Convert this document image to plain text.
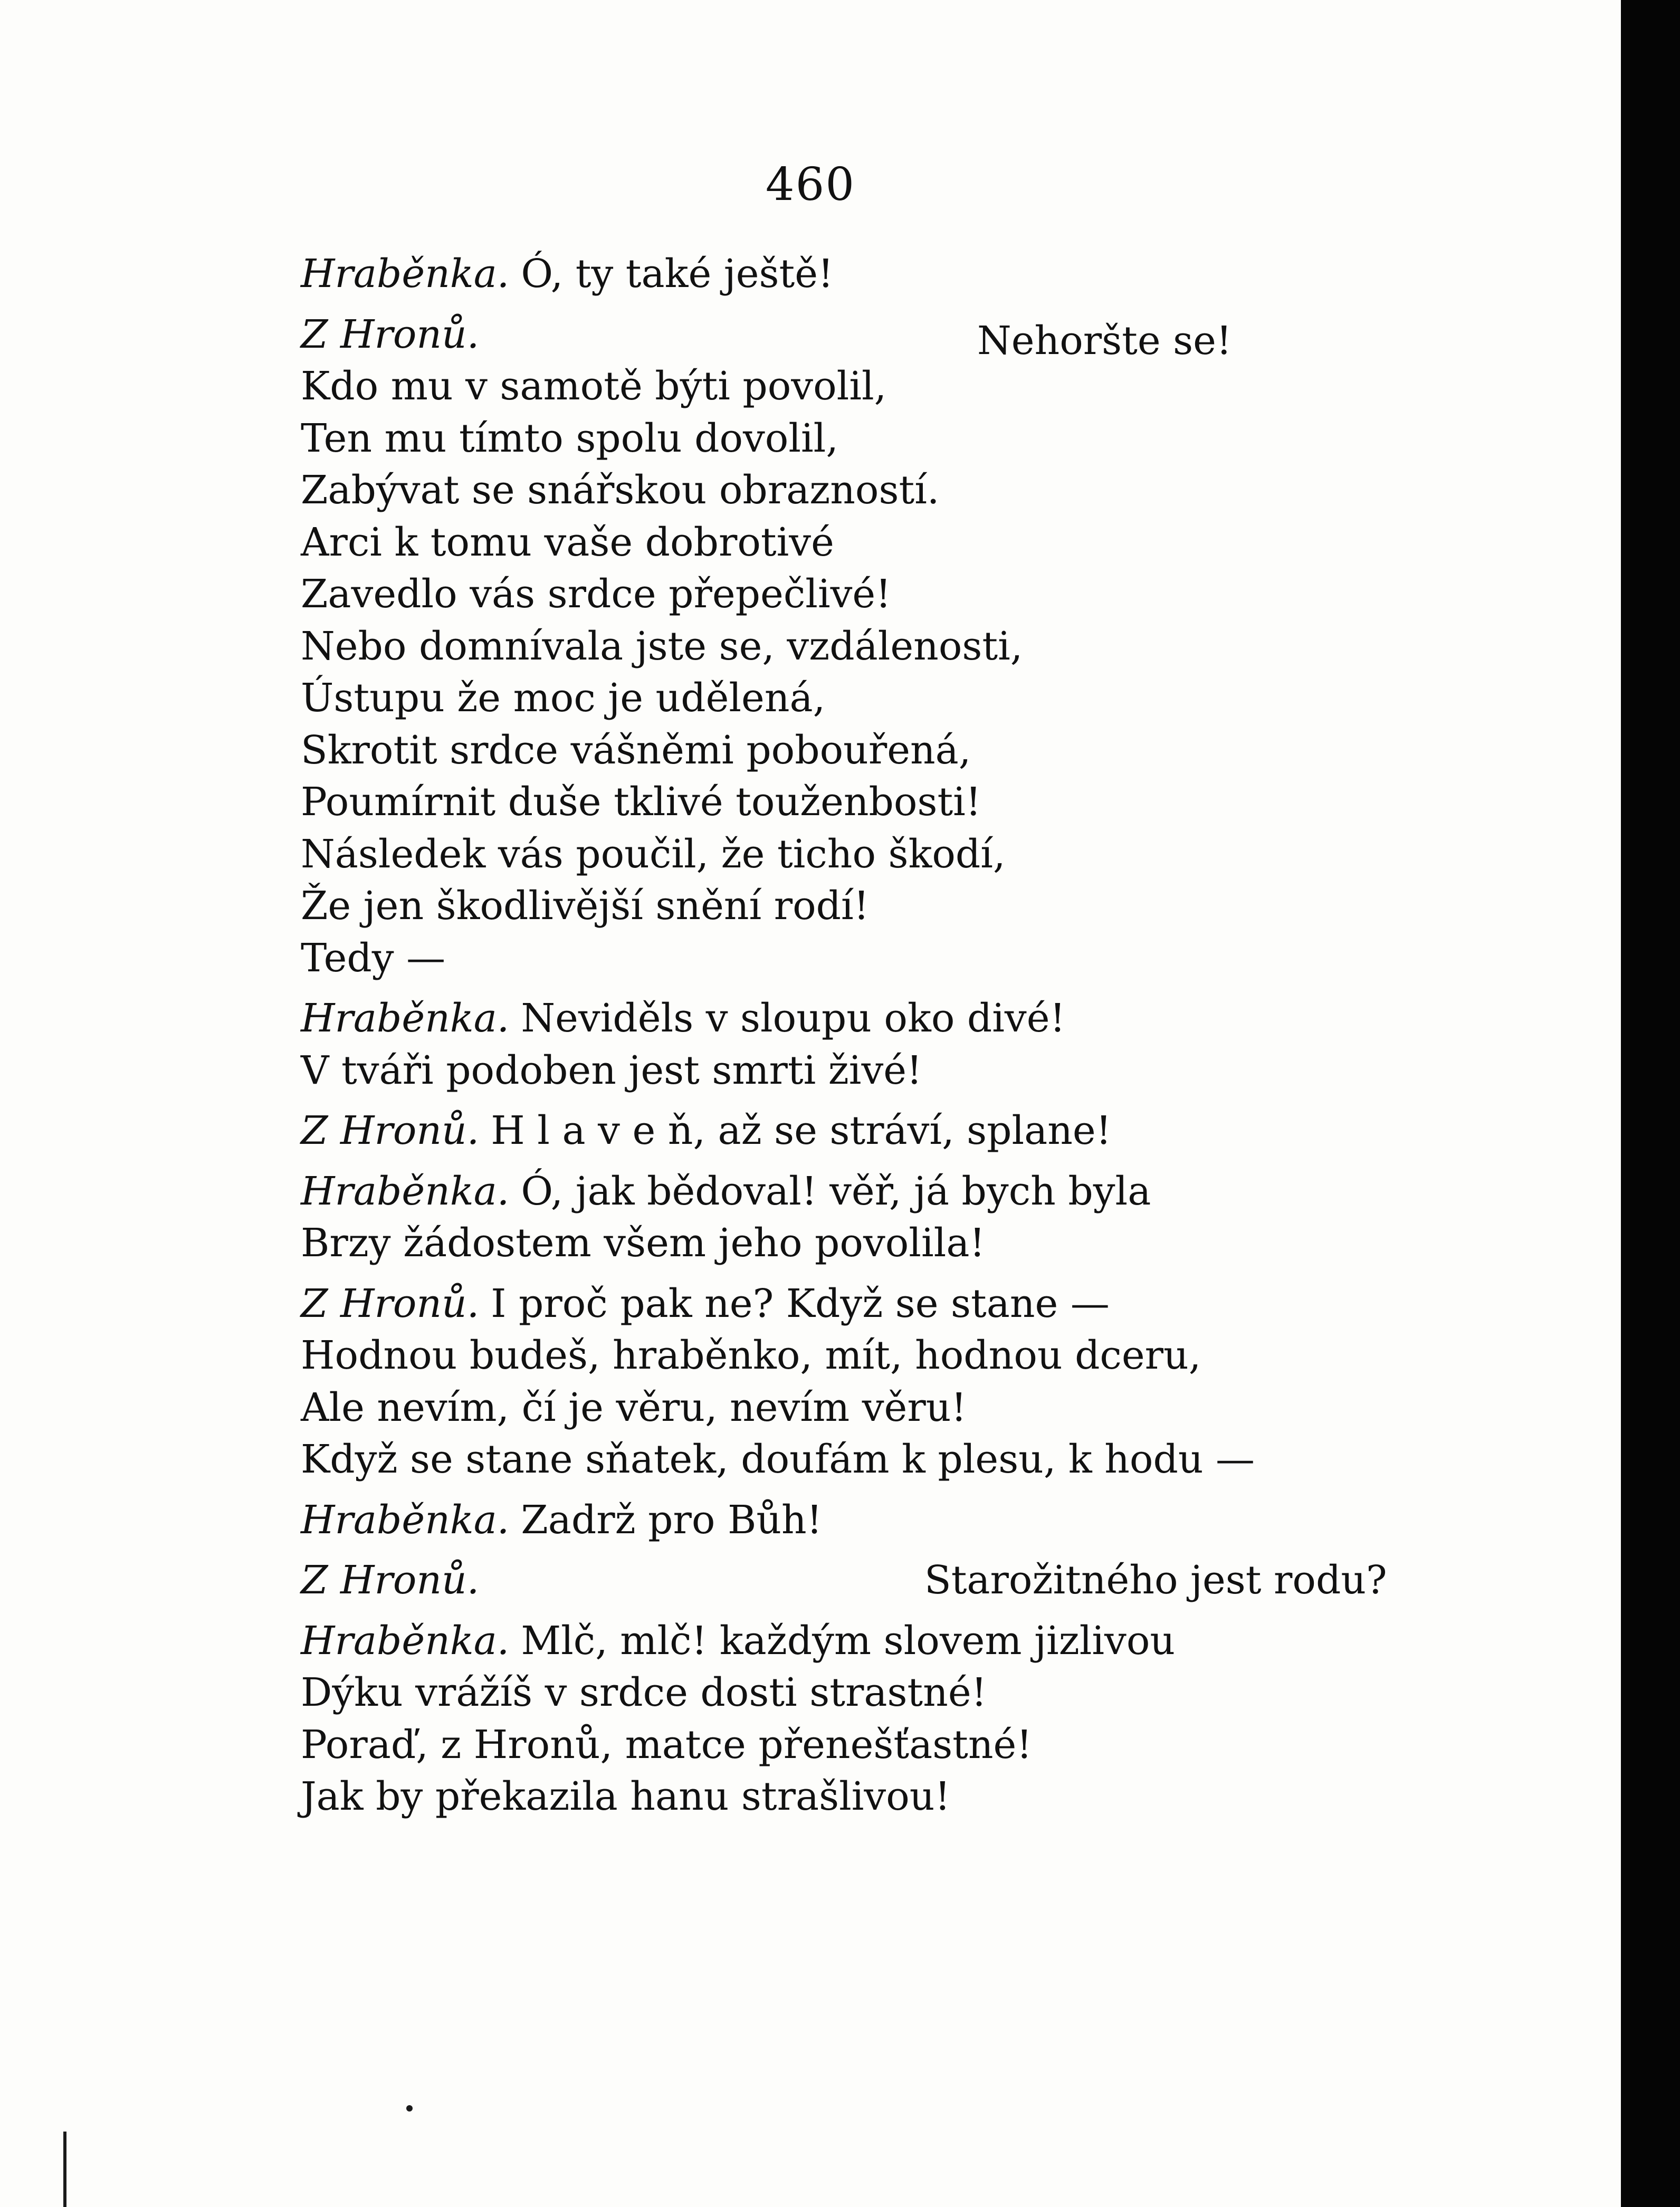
460
Hraběnka. Ó, ty také ještě!
Z Hronů.	Nehoršte se!
Kdo mu v samotě býti povolil,
Ten mu tímto spolu dovolil,
Zabývat se snářskou obrazností.
Arci k tomu vaše dobrotivé
Zavedlo vás srdce přepečlivé!
Nebo domnívala jste se, vzdálenosti,
Ústupu že moc je udělená,
Skrotit srdce vášněmi pobouřená,
Poumírnit duše tklivé touženbosti!
Následek vás poučil, že ticho škodí,
Že jen škodlivější snění rodí!
Tedy —
Hraběnka. Neviděls v sloupu oko divé!
V tváři podoben jest smrti živé!
Z Hronů. H l a v e ň, až se stráví, splane!
Hraběnka. Ó, jak bědoval! věř, já bych byla
Brzy žádostem všem jeho povolila!
Z Hronů. I proč pak ne? Když se stane —
Hodnou budeš, hraběnko, mít, hodnou dceru,
Ale nevím, čí je věru, nevím věru!
Když se stane sňatek, doufám k plesu, k hodu —
Hraběnka. Zadrž pro Bůh!
Z Hronů.	Starožitného jest rodu?
Hraběnka. Mlč, mlč! každým slovem jizlivou
Dýku vrážíš v srdce dosti strastné!
Poraď, z Hronů, matce přenešťastné!
Jak by překazila hanu strašlivou!
